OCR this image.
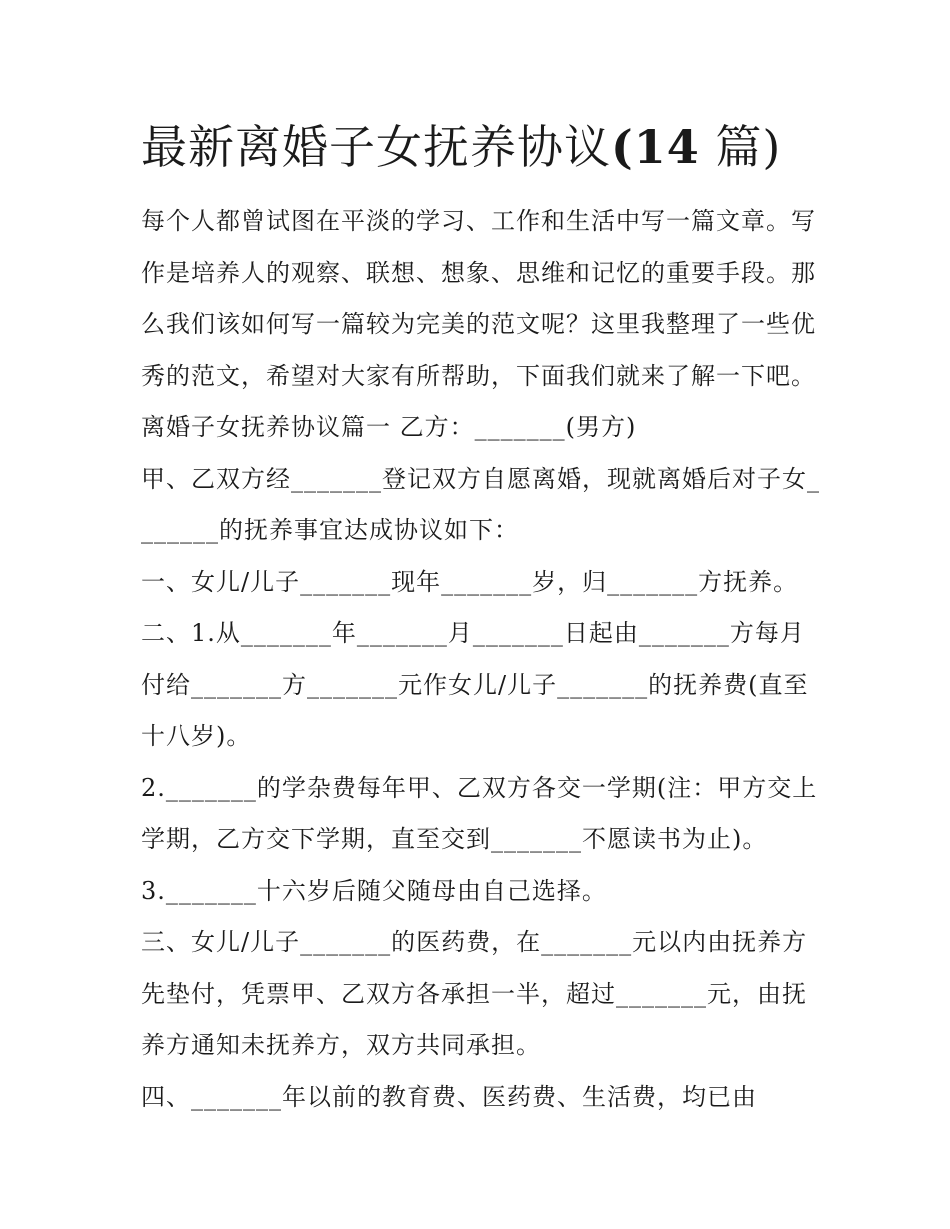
最新离婚子女抚养协议(14 篇)

每个人都曾试图在平淡的学习、工作和生活中写一篇文章。写作是培养人的观察、联想、想象、思维和记忆的重要手段。那么我们该如何写一篇较为完美的范文呢？这里我整理了一些优秀的范文，希望对大家有所帮助，下面我们就来了解一下吧。

离婚子女抚养协议篇一 乙方：_______(男方)

甲、乙双方经_______登记双方自愿离婚，现就离婚后对子女_______的抚养事宜达成协议如下：

一、女儿/儿子_______现年_______岁，归_______方抚养。

二、1.从_______年_______月_______日起由_______方每月付给_______方_______元作女儿/儿子_______的抚养费(直至十八岁)。

2._______的学杂费每年甲、乙双方各交一学期(注：甲方交上学期，乙方交下学期，直至交到_______不愿读书为止)。

3._______十六岁后随父随母由自己选择。

三、女儿/儿子_______的医药费，在_______元以内由抚养方先垫付，凭票甲、乙双方各承担一半，超过_______元，由抚养方通知未抚养方，双方共同承担。

四、_______年以前的教育费、医药费、生活费，均已由
